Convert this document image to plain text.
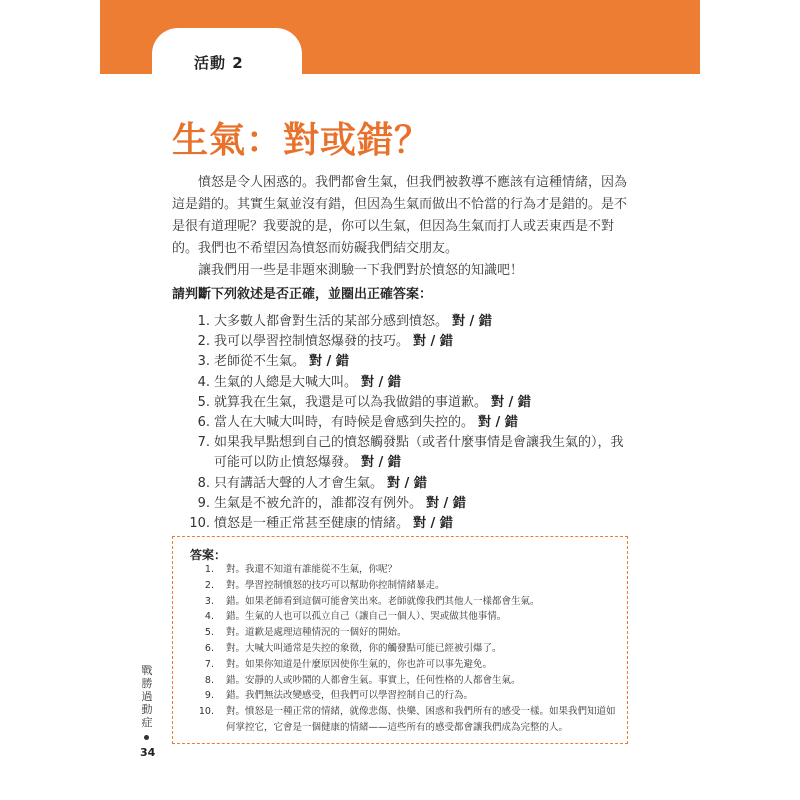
活動 2
生氣：對或錯？

憤怒是令人困惑的。我們都會生氣，但我們被教導不應該有這種情緒，因為這是錯的。其實生氣並沒有錯，但因為生氣而做出不恰當的行為才是錯的。是不是很有道理呢？我要說的是，你可以生氣，但因為生氣而打人或丟東西是不對的。我們也不希望因為憤怒而妨礙我們結交朋友。

讓我們用一些是非題來測驗一下我們對於憤怒的知識吧！

請判斷下列敘述是否正確，並圈出正確答案：
1. 大多數人都會對生活的某部分感到憤怒。 對 / 錯
2. 我可以學習控制憤怒爆發的技巧。 對 / 錯
3. 老師從不生氣。 對 / 錯
4. 生氣的人總是大喊大叫。 對 / 錯
5. 就算我在生氣，我還是可以為我做錯的事道歉。 對 / 錯
6. 當人在大喊大叫時，有時候是會感到失控的。 對 / 錯
7. 如果我早點想到自己的憤怒觸發點（或者什麼事情是會讓我生氣的），我可能可以防止憤怒爆發。 對 / 錯
8. 只有講話大聲的人才會生氣。 對 / 錯
9. 生氣是不被允許的，誰都沒有例外。 對 / 錯
10. 憤怒是一種正常甚至健康的情緒。 對 / 錯
答案：
1. 對。我還不知道有誰能從不生氣，你呢？
2. 對。學習控制憤怒的技巧可以幫助你控制情緒暴走。
3. 錯。如果老師看到這個可能會笑出來。老師就像我們其他人一樣都會生氣。
4. 錯。生氣的人也可以孤立自己（讓自己一個人）、哭或做其他事情。
5. 對。道歉是處理這種情況的一個好的開始。
6. 對。大喊大叫通常是失控的象徵，你的觸發點可能已經被引爆了。
7. 對。如果你知道是什麼原因使你生氣的，你也許可以事先避免。
8. 錯。安靜的人或吵鬧的人都會生氣。事實上，任何性格的人都會生氣。
9. 錯。我們無法改變感受，但我們可以學習控制自己的行為。
10. 對。憤怒是一種正常的情緒，就像悲傷、快樂、困惑和我們所有的感受一樣。如果我們知道如何掌控它，它會是一個健康的情緒——這些所有的感受都會讓我們成為完整的人。
戰勝過動症
34
